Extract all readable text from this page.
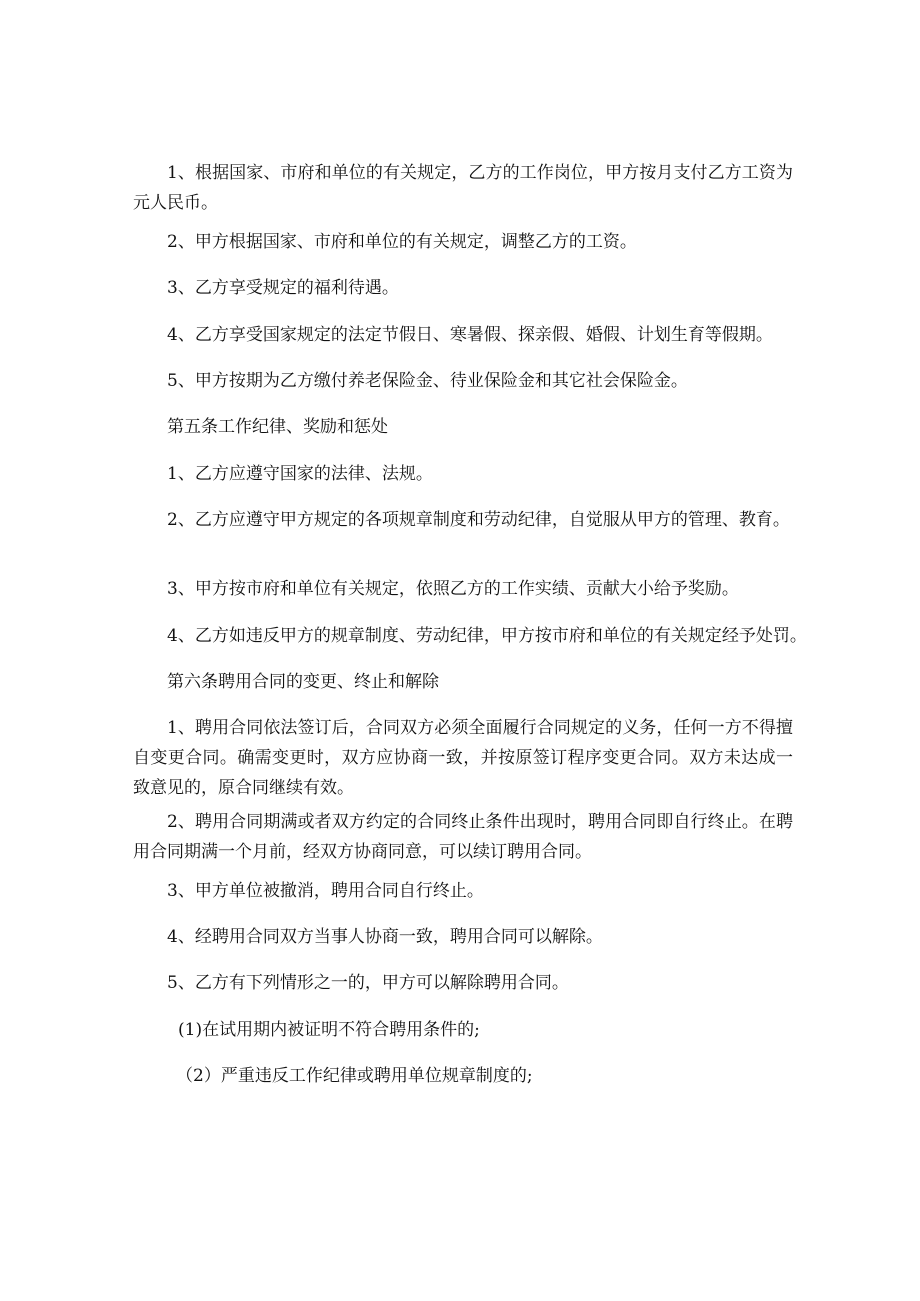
1、根据国家、市府和单位的有关规定，乙方的工作岗位，甲方按月支付乙方工资为元人民币。

2、甲方根据国家、市府和单位的有关规定，调整乙方的工资。

3、乙方享受规定的福利待遇。

4、乙方享受国家规定的法定节假日、寒暑假、探亲假、婚假、计划生育等假期。

5、甲方按期为乙方缴付养老保险金、待业保险金和其它社会保险金。

第五条工作纪律、奖励和惩处

1、乙方应遵守国家的法律、法规。

2、乙方应遵守甲方规定的各项规章制度和劳动纪律，自觉服从甲方的管理、教育。

3、甲方按市府和单位有关规定，依照乙方的工作实绩、贡献大小给予奖励。

4、乙方如违反甲方的规章制度、劳动纪律，甲方按市府和单位的有关规定经予处罚。

第六条聘用合同的变更、终止和解除

1、聘用合同依法签订后，合同双方必须全面履行合同规定的义务，任何一方不得擅自变更合同。确需变更时，双方应协商一致，并按原签订程序变更合同。双方未达成一致意见的，原合同继续有效。

2、聘用合同期满或者双方约定的合同终止条件出现时，聘用合同即自行终止。在聘用合同期满一个月前，经双方协商同意，可以续订聘用合同。

3、甲方单位被撤消，聘用合同自行终止。

4、经聘用合同双方当事人协商一致，聘用合同可以解除。

5、乙方有下列情形之一的，甲方可以解除聘用合同。

(1)在试用期内被证明不符合聘用条件的;

（2）严重违反工作纪律或聘用单位规章制度的;
